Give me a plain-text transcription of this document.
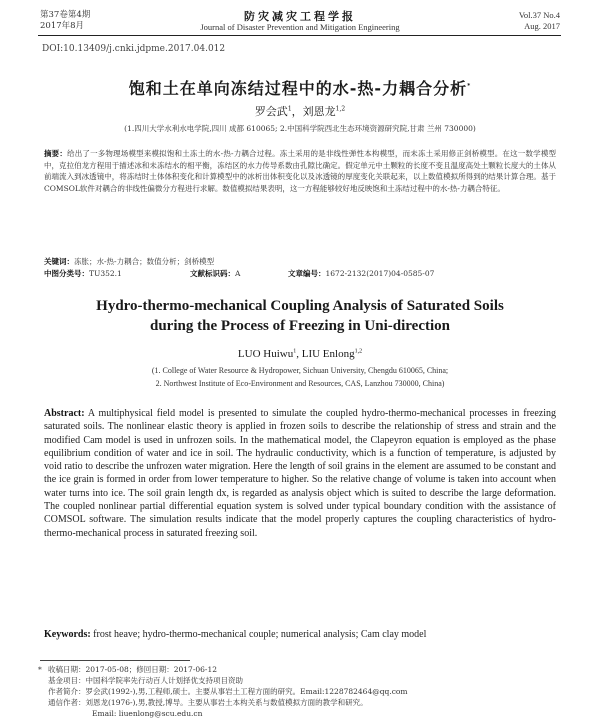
第37卷第4期
2017年8月
防灾减灾工程学报
Journal of Disaster Prevention and Mitigation Engineering
Vol.37 No.4
Aug. 2017
DOI:10.13409/j.cnki.jdpme.2017.04.012
饱和土在单向冻结过程中的水-热-力耦合分析*
罗会武$^1$，刘恩龙$^{1,2}$
(1.四川大学水利水电学院,四川 成都 610065; 2.中国科学院西北生态环境资源研究院,甘肃 兰州 730000)
摘要：给出了一多物理场模型来模拟饱和土冻土的水-热-力耦合过程。冻土采用的是非线性弹性本构模型，而未冻土采用修正剑桥模型。在这一数学模型中，克拉伯龙方程用于描述冰和未冻结水的相平衡，冻结区的水力传导系数由孔隙比确定。假定单元中土颗粒的长度不变且温度高处土颗粒长度大的土体从前端流入到冰透镜中，将冻结时土体体积变化和计算模型中的冰析出体积变化以及冰透镜的厚度变化关联起来，以上数值模拟所得到的结果计算合理。基于COMSOL软件对耦合的非线性偏微分方程进行求解。数值模拟结果表明，这一方程能够较好地反映饱和土冻结过程中的水-热-力耦合特征。
关键词：冻胀；水-热-力耦合；数值分析；剑桥模型
中图分类号：TU352.1	文献标识码：A	文章编号：1672-2132(2017)04-0585-07
Hydro-thermo-mechanical Coupling Analysis of Saturated Soils
during the Process of Freezing in Uni-direction
LUO Huiwu$^1$, LIU Enlong$^{1,2}$
(1. College of Water Resource & Hydropower, Sichuan University, Chengdu 610065, China;
2. Northwest Institute of Eco-Environment and Resources, CAS, Lanzhou 730000, China)
Abstract: A multiphysical field model is presented to simulate the coupled hydro-thermo-mechanical processes in freezing saturated soils. The nonlinear elastic theory is applied in frozen soils to describe the relationship of stress and strain and the modified Cam model is used in unfrozen soils. In the mathematical model, the Clapeyron equation is employed as the phase equilibrium condition of water and ice in soil. The hydraulic conductivity, which is a function of temperature, is adjusted by void ratio to describe the unfrozen water migration. Here the length of soil grains in the element are assumed to be constant and the ice grain is formed in order from lower temperature to higher. So the relative change of volume is taken into account when water turns into ice. The soil grain length dx, is regarded as analysis object which is suited to describe the large deformation. The coupled nonlinear partial differential equation system is solved under typical boundary condition with the assistance of COMSOL software. The simulation results indicate that the model properly captures the coupling characteristics of hydro-thermo-mechanical process in saturated freezing soil.
Keywords: frost heave; hydro-thermo-mechanical couple; numerical analysis; Cam clay model
* 收稿日期：2017-05-08；修回日期：2017-06-12
基金项目：中国科学院率先行动百人计划择优支持项目资助
作者简介：罗会武(1992-),男,工程师,硕士。主要从事岩土工程方面的研究。Email:1228782464@qq.com
通信作者：刘恩龙(1976-),男,教授,博导。主要从事岩土本构关系与数值模拟方面的教学和研究。
Email: liuenlong@scu.edu.cn
